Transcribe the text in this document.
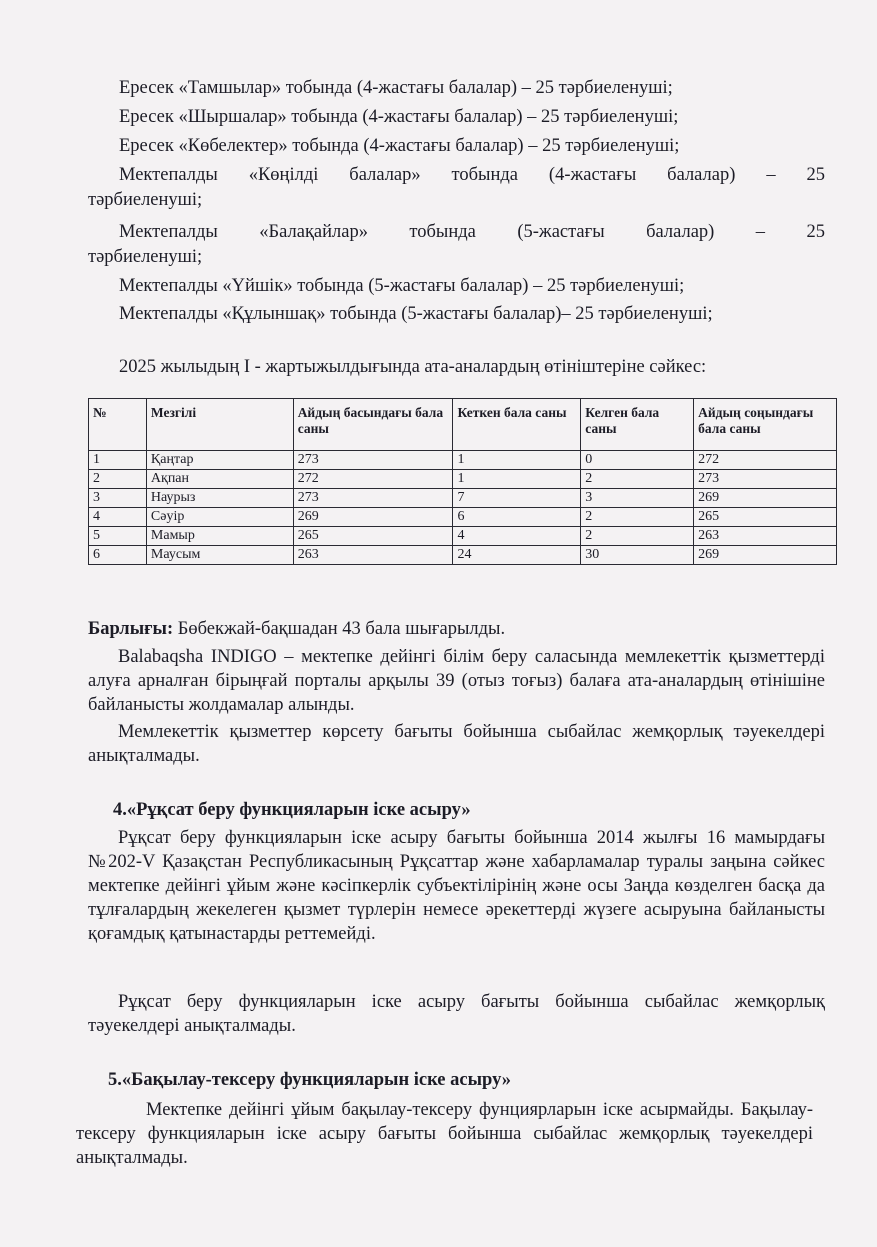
Ересек «Тамшылар» тобында (4-жастағы балалар) – 25 тәрбиеленуші;
Ересек «Шыршалар» тобында (4-жастағы балалар) – 25 тәрбиеленуші;
Ересек «Көбелектер» тобында (4-жастағы балалар) – 25 тәрбиеленуші;
Мектепалды «Көңілді балалар» тобында (4-жастағы балалар) – 25
тәрбиеленуші;
Мектепалды «Балақайлар» тобында (5-жастағы балалар) – 25
тәрбиеленуші;
Мектепалды «Үйшік» тобында (5-жастағы балалар) – 25 тәрбиеленуші;
Мектепалды «Құлыншақ» тобында (5-жастағы балалар)– 25 тәрбиеленуші;
2025 жылыдың І - жартыжылдығында ата-аналардың өтініштеріне сәйкес:
№	Мезгілі	Айдың басындағы бала саны	Кеткен бала саны	Келген бала саны	Айдың соңындағы бала саны
1	Қаңтар	273	1	0	272
2	Ақпан	272	1	2	273
3	Наурыз	273	7	3	269
4	Сәуір	269	6	2	265
5	Мамыр	265	4	2	263
6	Маусым	263	24	30	269
Барлығы: Бөбекжай-бақшадан 43 бала шығарылды.
Balabaqsha INDIGO – мектепке дейінгі білім беру саласында мемлекеттік қызметтерді алуға арналған бірыңғай порталы арқылы 39 (отыз тоғыз) балаға ата-аналардың өтінішіне байланысты жолдамалар алынды.
Мемлекеттік қызметтер көрсету бағыты бойынша сыбайлас жемқорлық тәуекелдері анықталмады.
4.«Рұқсат беру функцияларын іске асыру»
Рұқсат беру функцияларын іске асыру бағыты бойынша 2014 жылғы 16 мамырдағы №202-V Қазақстан Республикасының Рұқсаттар және хабарламалар туралы заңына сәйкес мектепке дейінгі ұйым және кәсіпкерлік субъектілірінің және осы Заңда көзделген басқа да тұлғалардың жекелеген қызмет түрлерін немесе әрекеттерді жүзеге асыруына байланысты қоғамдық қатынастарды реттемейді.
Рұқсат беру функцияларын іске асыру бағыты бойынша сыбайлас жемқорлық тәуекелдері анықталмады.
5.«Бақылау-тексеру функцияларын іске асыру»
Мектепке дейінгі ұйым бақылау-тексеру фунциярларын іске асырмайды. Бақылау-тексеру функцияларын іске асыру бағыты бойынша сыбайлас жемқорлық тәуекелдері анықталмады.
